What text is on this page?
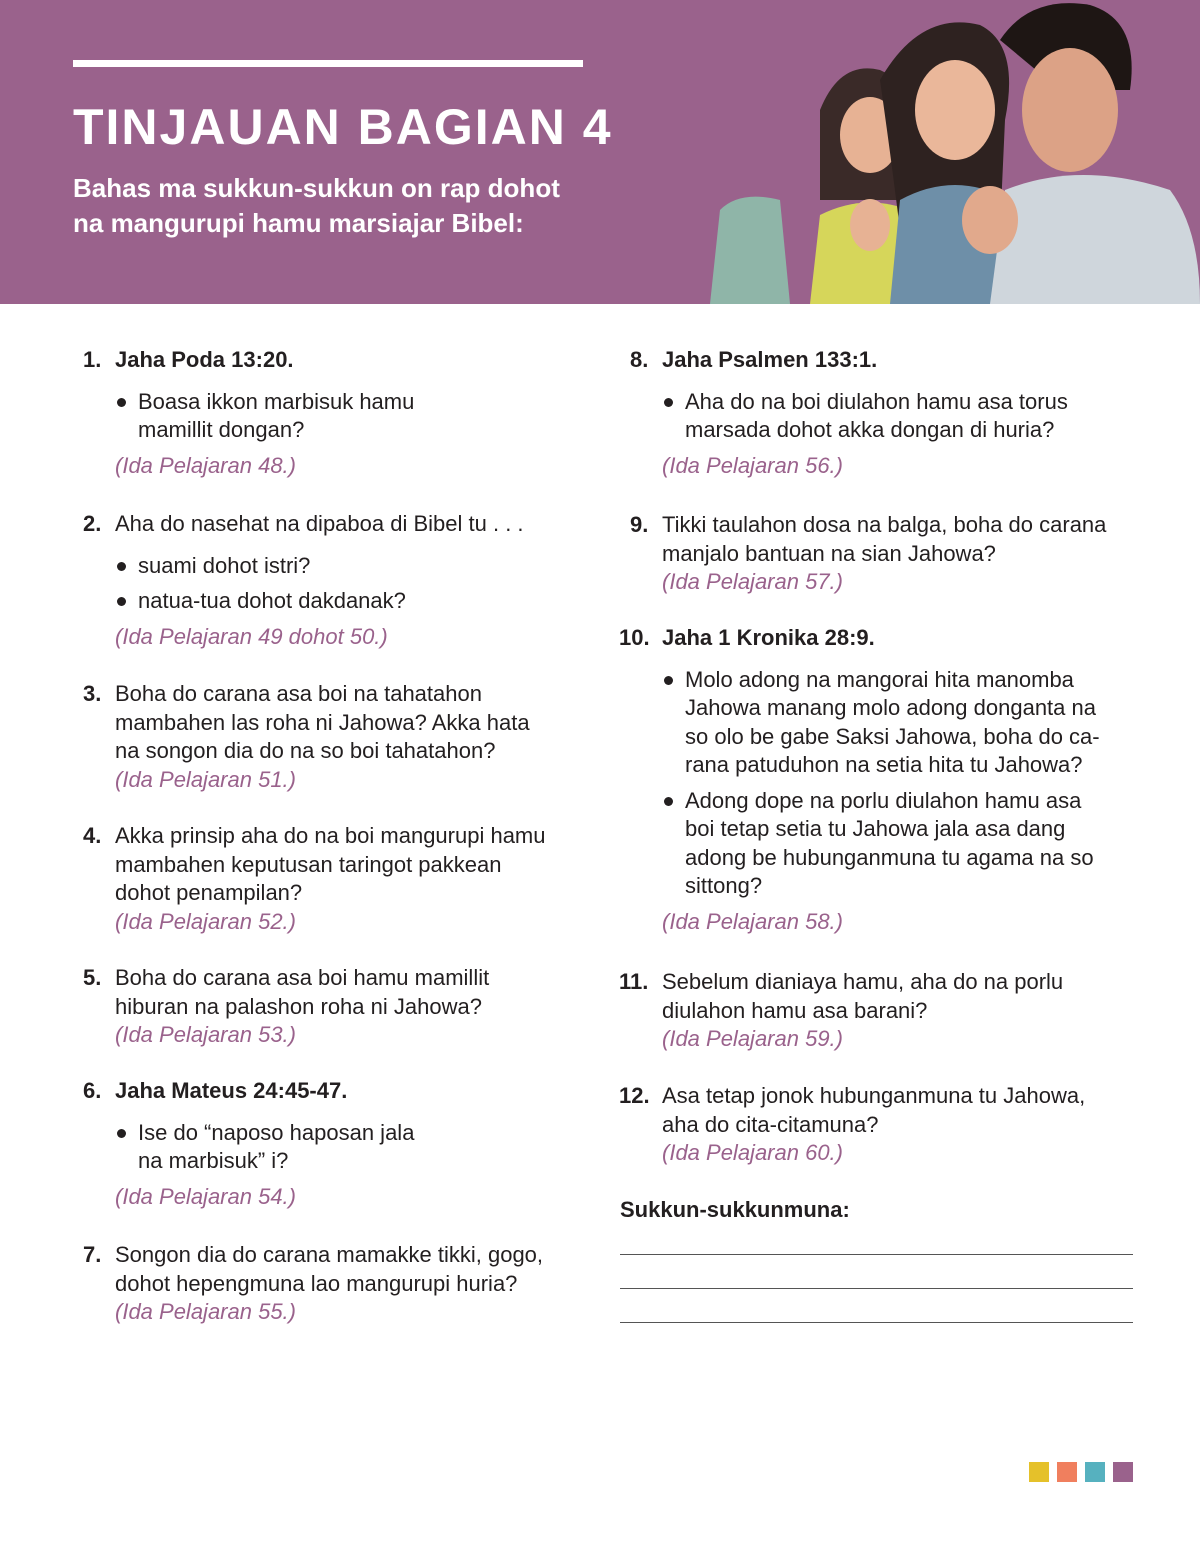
TINJAUAN BAGIAN 4
Bahas ma sukkun-sukkun on rap dohot
na mangurupi hamu marsiajar Bibel:
1. Jaha Poda 13:20.
Boasa ikkon marbisuk hamu
mamillit dongan?
(Ida Pelajaran 48.)
2. Aha do nasehat na dipaboa di Bibel tu . . .
suami dohot istri?
natua-tua dohot dakdanak?
(Ida Pelajaran 49 dohot 50.)
3. Boha do carana asa boi na tahatahon
mambahen las roha ni Jahowa? Akka hata
na songon dia do na so boi tahatahon?
(Ida Pelajaran 51.)
4. Akka prinsip aha do na boi mangurupi hamu
mambahen keputusan taringot pakkean
dohot penampilan?
(Ida Pelajaran 52.)
5. Boha do carana asa boi hamu mamillit
hiburan na palashon roha ni Jahowa?
(Ida Pelajaran 53.)
6. Jaha Mateus 24:45-47.
Ise do “naposo haposan jala
na marbisuk” i?
(Ida Pelajaran 54.)
7. Songon dia do carana mamakke tikki, gogo,
dohot hepengmuna lao mangurupi huria?
(Ida Pelajaran 55.)
8. Jaha Psalmen 133:1.
Aha do na boi diulahon hamu asa torus
marsada dohot akka dongan di huria?
(Ida Pelajaran 56.)
9. Tikki taulahon dosa na balga, boha do carana
manjalo bantuan na sian Jahowa?
(Ida Pelajaran 57.)
10. Jaha 1 Kronika 28:9.
Molo adong na mangorai hita manomba
Jahowa manang molo adong donganta na
so olo be gabe Saksi Jahowa, boha do ca-
rana patuduhon na setia hita tu Jahowa?
Adong dope na porlu diulahon hamu asa
boi tetap setia tu Jahowa jala asa dang
adong be hubunganmuna tu agama na so
sittong?
(Ida Pelajaran 58.)
11. Sebelum dianiaya hamu, aha do na porlu
diulahon hamu asa barani?
(Ida Pelajaran 59.)
12. Asa tetap jonok hubunganmuna tu Jahowa,
aha do cita-citamuna?
(Ida Pelajaran 60.)
Sukkun-sukkunmuna:
